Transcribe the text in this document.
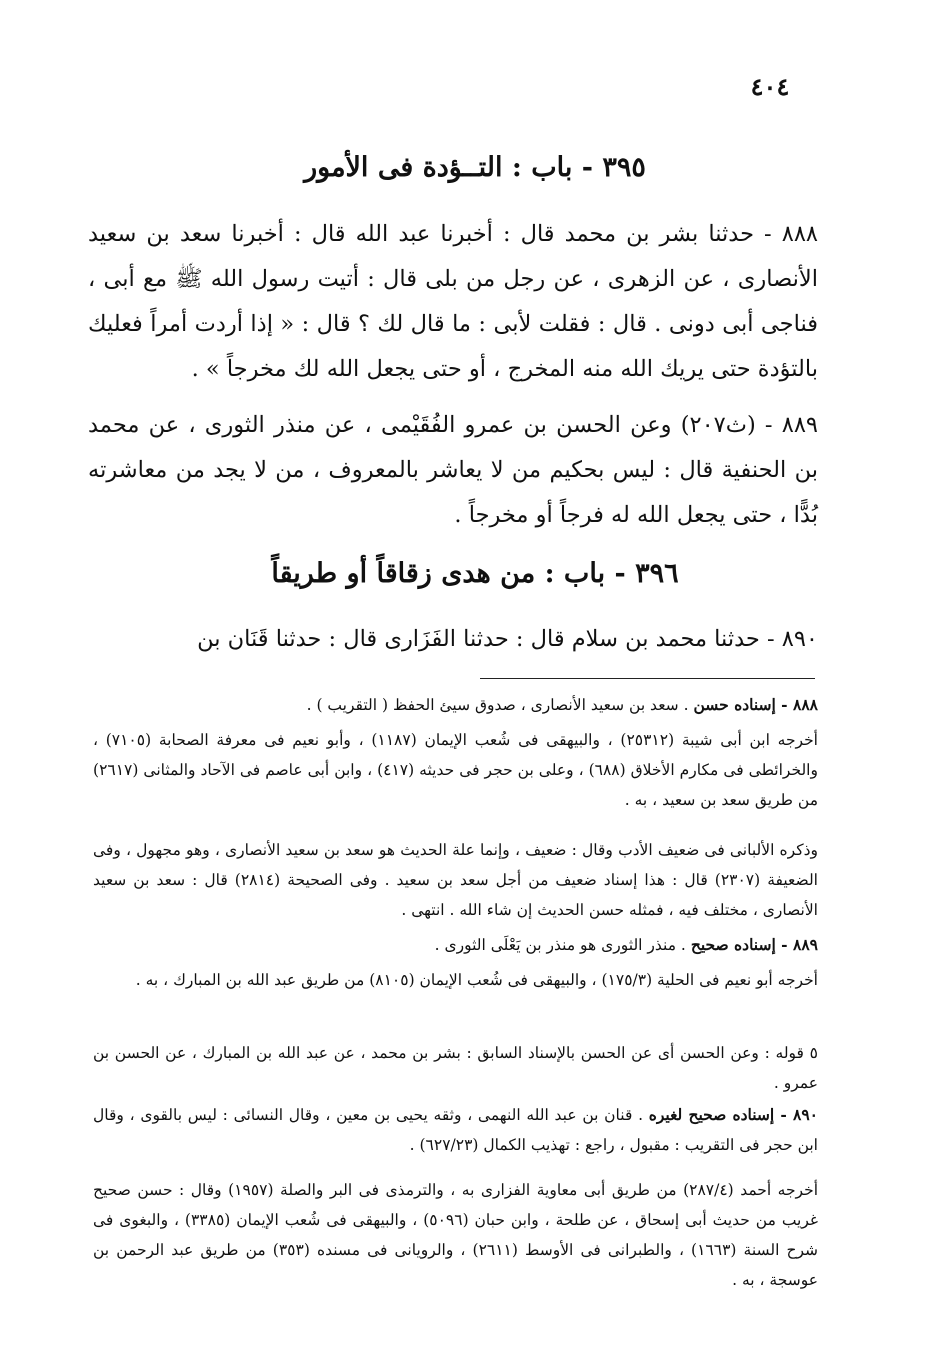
٤٠٤
٣٩٥ - باب : التــؤدة فى الأمور
٨٨٨ - حدثنا بشر بن محمد قال : أخبرنا عبد الله قال : أخبرنا سعد بن سعيد الأنصارى ، عن الزهرى ، عن رجل من بلى قال : أتيت رسول الله ﷺ مع أبى ، فناجى أبى دونى . قال : فقلت لأبى : ما قال لك ؟ قال : « إذا أردت أمراً فعليك بالتؤدة حتى يريك الله منه المخرج ، أو حتى يجعل الله لك مخرجاً » .
٨٨٩ - (ث٢٠٧) وعن الحسن بن عمرو الفُقَيْمى ، عن منذر الثورى ، عن محمد بن الحنفية قال : ليس بحكيم من لا يعاشر بالمعروف ، من لا يجد من معاشرته بُدًّا ، حتى يجعل الله له فرجاً أو مخرجاً .
٣٩٦ - باب : من هدى زقاقاً أو طريقاً
٨٩٠ - حدثنا محمد بن سلام قال : حدثنا الفَزَارى قال : حدثنا قَنَان بن
٨٨٨ - إسناده حسن . سعد بن سعيد الأنصارى ، صدوق سيئ الحفظ ( التقريب ) .
أخرجه ابن أبى شيبة (٢٥٣١٢) ، والبيهقى فى شُعب الإيمان (١١٨٧) ، وأبو نعيم فى معرفة الصحابة (٧١٠٥) ، والخرائطى فى مكارم الأخلاق (٦٨٨) ، وعلى بن حجر فى حديثه (٤١٧) ، وابن أبى عاصم فى الآحاد والمثانى (٢٦١٧) من طريق سعد بن سعيد ، به .
وذكره الألبانى فى ضعيف الأدب وقال : ضعيف ، وإنما علة الحديث هو سعد بن سعيد الأنصارى ، وهو مجهول ، وفى الضعيفة (٢٣٠٧) قال : هذا إسناد ضعيف من أجل سعد بن سعيد . وفى الصحيحة (٢٨١٤) قال : سعد بن سعيد الأنصارى ، مختلف فيه ، فمثله حسن الحديث إن شاء الله . انتهى .
٨٨٩ - إسناده صحيح . منذر الثورى هو منذر بن يَعْلَى الثورى .
أخرجه أبو نعيم فى الحلية (١٧٥/٣) ، والبيهقى فى شُعب الإيمان (٨١٠٥) من طريق عبد الله بن المبارك ، به .
٥ قوله : وعن الحسن أى عن الحسن بالإسناد السابق : بشر بن محمد ، عن عبد الله بن المبارك ، عن الحسن بن عمرو .
٨٩٠ - إسناده صحيح لغيره . قنان بن عبد الله النهمى ، وثقه يحيى بن معين ، وقال النسائى : ليس بالقوى ، وقال ابن حجر فى التقريب : مقبول ، راجع : تهذيب الكمال (٦٢٧/٢٣) .
أخرجه أحمد (٢٨٧/٤) من طريق أبى معاوية الفزارى به ، والترمذى فى البر والصلة (١٩٥٧) وقال : حسن صحيح غريب من حديث أبى إسحاق ، عن طلحة ، وابن حبان (٥٠٩٦) ، والبيهقى فى شُعب الإيمان (٣٣٨٥) ، والبغوى فى شرح السنة (١٦٦٣) ، والطبرانى فى الأوسط (٢٦١١) ، والرويانى فى مسنده (٣٥٣) من طريق عبد الرحمن بن عوسجة ، به .
